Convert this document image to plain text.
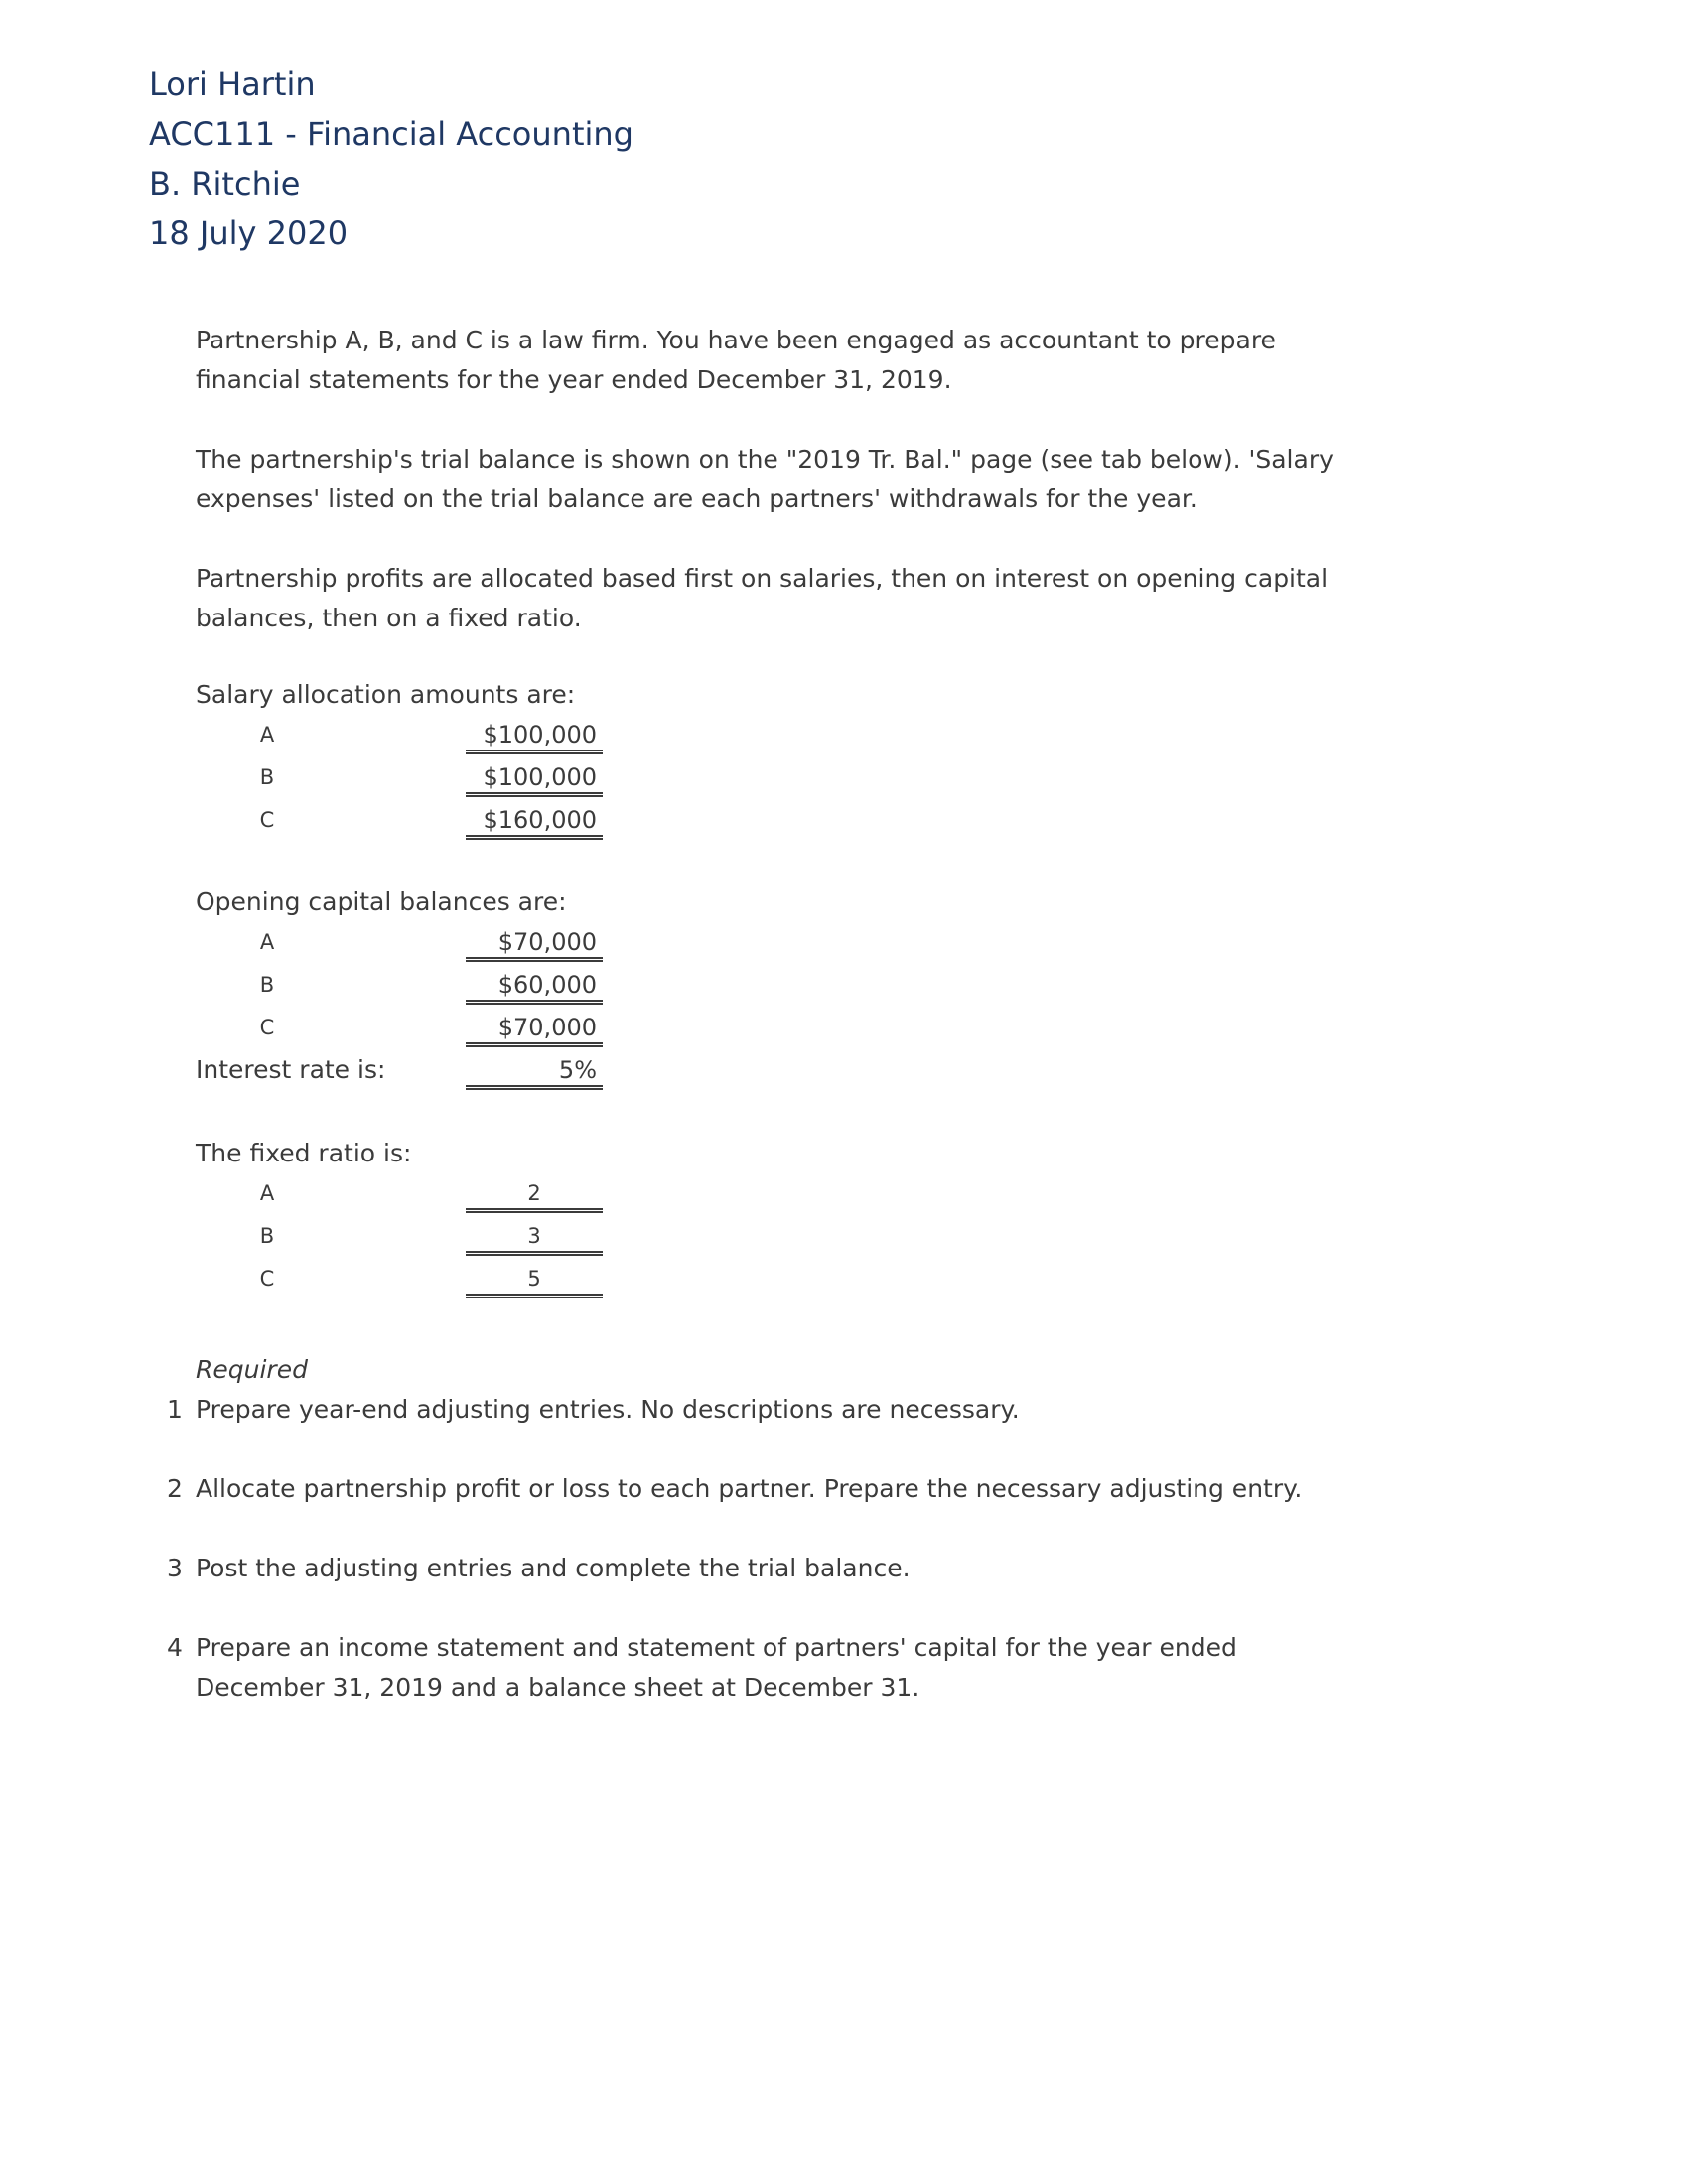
Lori Hartin
ACC111 - Financial Accounting
B. Ritchie
18 July 2020
Partnership A, B, and C is a law firm. You have been engaged as accountant to prepare
financial statements for the year ended December 31, 2019.
The partnership's trial balance is shown on the "2019 Tr. Bal." page (see tab below). 'Salary
expenses' listed on the trial balance are each partners' withdrawals for the year.
Partnership profits are allocated based first on salaries, then on interest on opening capital
balances, then on a fixed ratio.
Salary allocation amounts are:
A	$100,000
B	$100,000
C	$160,000
Opening capital balances are:
A	$70,000
B	$60,000
C	$70,000
Interest rate is:	5%
The fixed ratio is:
A	2
B	3
C	5
Required
1 Prepare year-end adjusting entries. No descriptions are necessary.
2 Allocate partnership profit or loss to each partner. Prepare the necessary adjusting entry.
3 Post the adjusting entries and complete the trial balance.
4 Prepare an income statement and statement of partners' capital for the year ended
December 31, 2019 and a balance sheet at December 31.
